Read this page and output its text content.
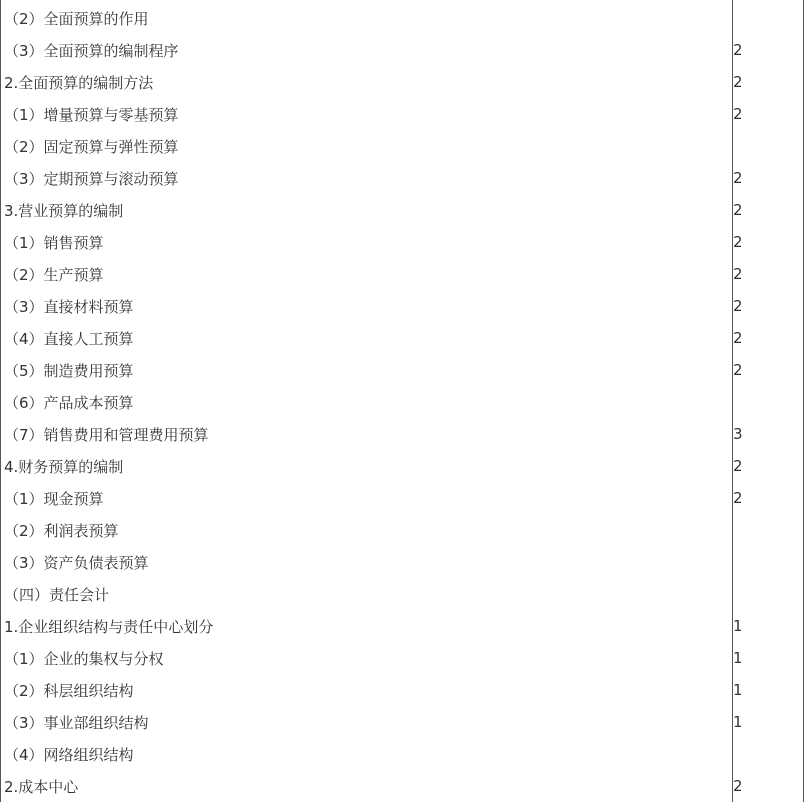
（2）全面预算的作用
（3）全面预算的编制程序	2
2.全面预算的编制方法	2
（1）增量预算与零基预算	2
（2）固定预算与弹性预算
（3）定期预算与滚动预算	2
3.营业预算的编制	2
（1）销售预算	2
（2）生产预算	2
（3）直接材料预算	2
（4）直接人工预算	2
（5）制造费用预算	2
（6）产品成本预算
（7）销售费用和管理费用预算	3
4.财务预算的编制	2
（1）现金预算	2
（2）利润表预算
（3）资产负债表预算
（四）责任会计
1.企业组织结构与责任中心划分	1
（1）企业的集权与分权	1
（2）科层组织结构	1
（3）事业部组织结构	1
（4）网络组织结构
2.成本中心	2
